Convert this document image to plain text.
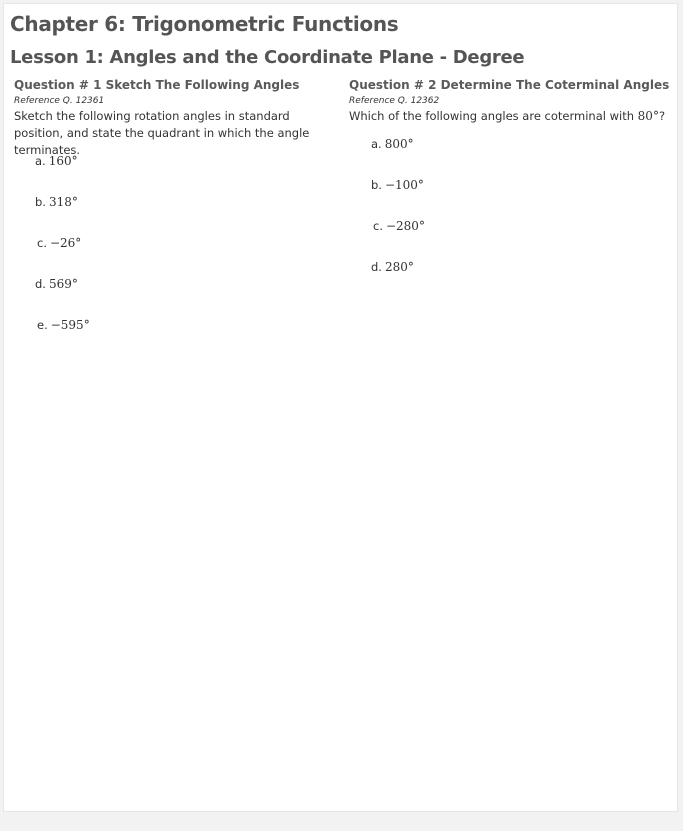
Chapter 6: Trigonometric Functions
Lesson 1: Angles and the Coordinate Plane - Degree
Question # 1 Sketch The Following Angles
Reference Q. 12361
Sketch the following rotation angles in standard position, and state the quadrant in which the angle terminates.
a. 160°
b. 318°
c. −26°
d. 569°
e. −595°
Question # 2 Determine The Coterminal Angles
Reference Q. 12362
Which of the following angles are coterminal with 80°?
a. 800°
b. −100°
c. −280°
d. 280°
